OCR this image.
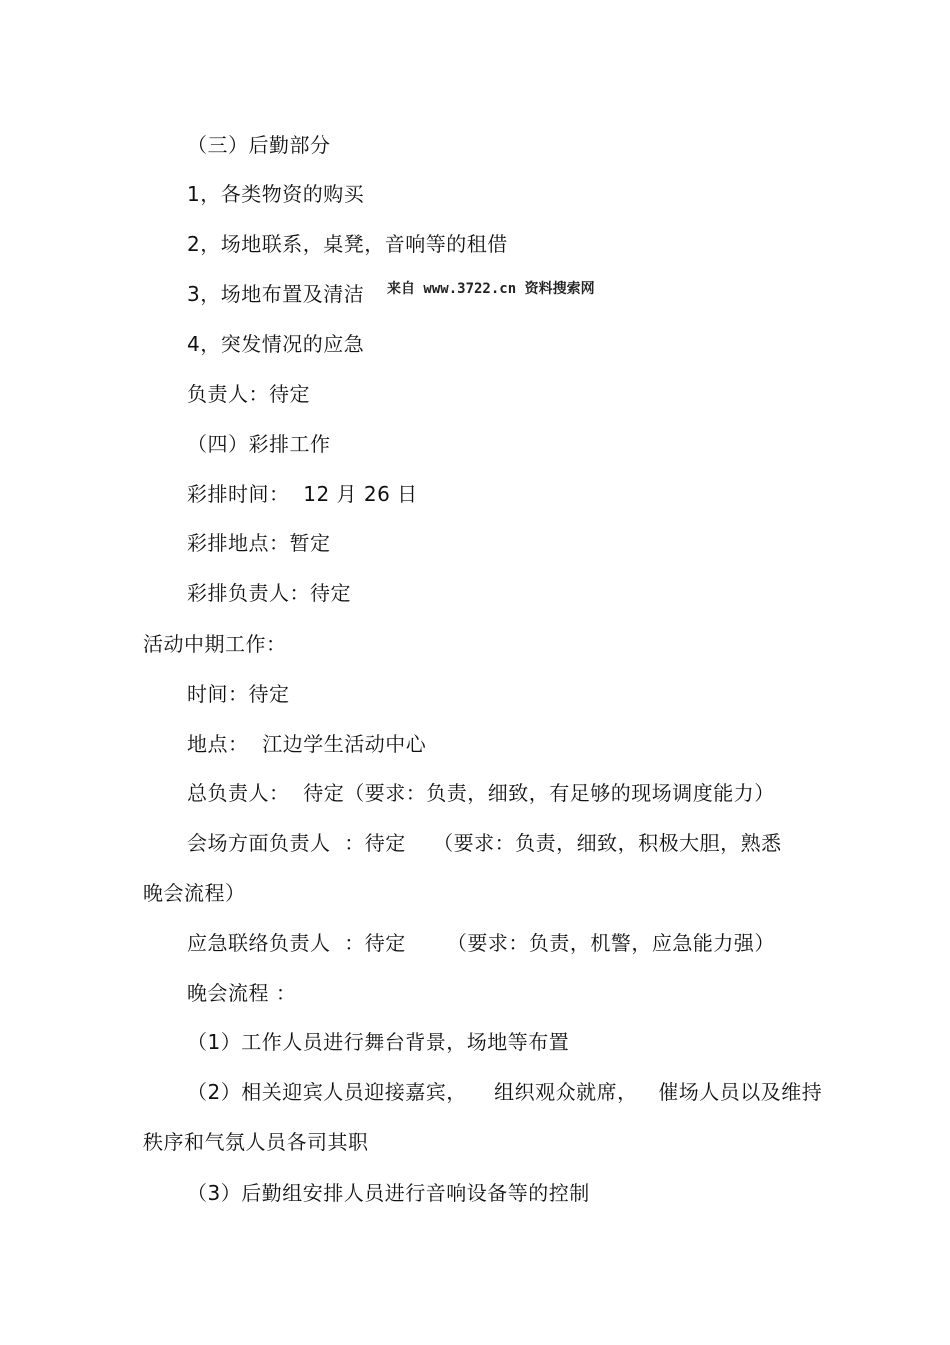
（三）后勤部分
1，各类物资的购买
2，场地联系，桌凳，音响等的租借
3，场地布置及清洁 来自 www.3722.cn 资料搜索网
4，突发情况的应急
负责人：待定
（四）彩排工作
彩排时间：  12 月 26 日
彩排地点：暂定
彩排负责人：待定
活动中期工作：
时间：待定
地点：  江边学生活动中心
总负责人：  待定（要求：负责，细致，有足够的现场调度能力）
会场方面负责人  ：待定    （要求：负责，细致，积极大胆，熟悉
晚会流程）
应急联络负责人  ：待定      （要求：负责，机警，应急能力强）
晚会流程 ：
（1）工作人员进行舞台背景，场地等布置
（2）相关迎宾人员迎接嘉宾，    组织观众就席，   催场人员以及维持
秩序和气氛人员各司其职
（3）后勤组安排人员进行音响设备等的控制
